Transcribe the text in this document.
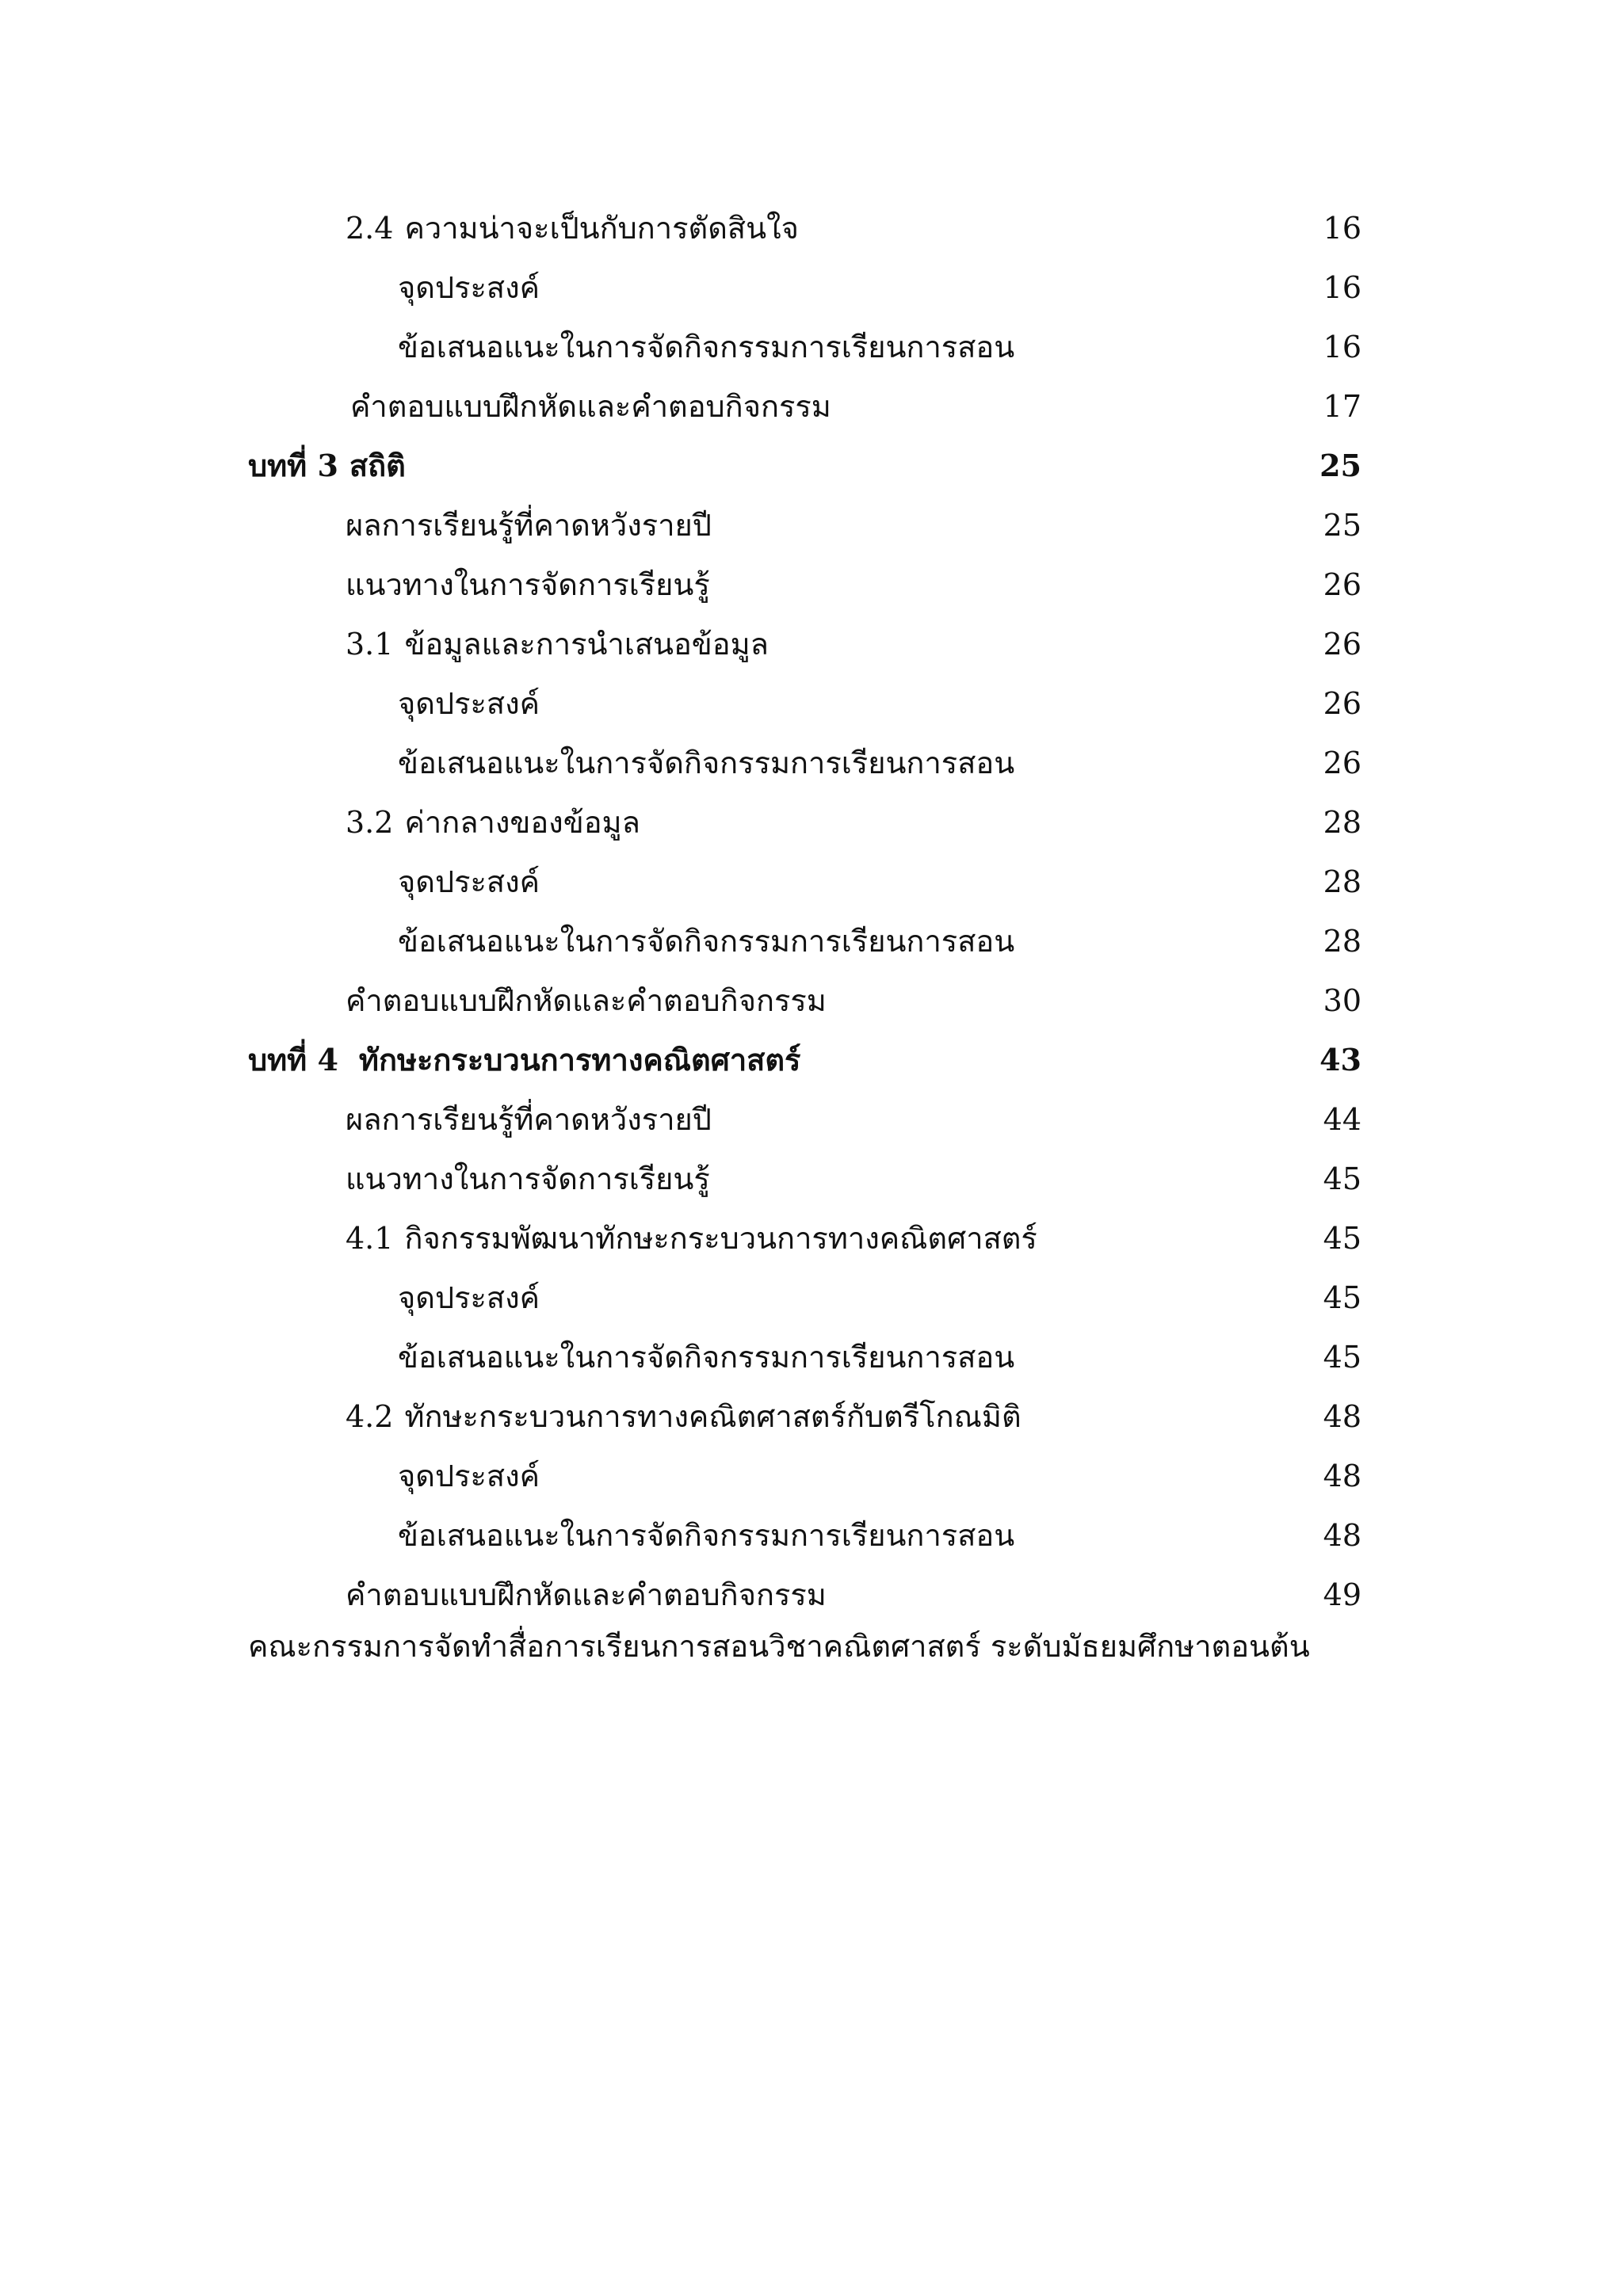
2.4 ความน่าจะเป็นกับการตัดสินใจ	16
จุดประสงค์	16
ข้อเสนอแนะในการจัดกิจกรรมการเรียนการสอน	16
คำตอบแบบฝึกหัดและคำตอบกิจกรรม	17
บทที่ 3 สถิติ	25
ผลการเรียนรู้ที่คาดหวังรายปี	25
แนวทางในการจัดการเรียนรู้	26
3.1 ข้อมูลและการนำเสนอข้อมูล	26
จุดประสงค์	26
ข้อเสนอแนะในการจัดกิจกรรมการเรียนการสอน	26
3.2 ค่ากลางของข้อมูล	28
จุดประสงค์	28
ข้อเสนอแนะในการจัดกิจกรรมการเรียนการสอน	28
คำตอบแบบฝึกหัดและคำตอบกิจกรรม	30
บทที่ 4 ทักษะกระบวนการทางคณิตศาสตร์	43
ผลการเรียนรู้ที่คาดหวังรายปี	44
แนวทางในการจัดการเรียนรู้	45
4.1 กิจกรรมพัฒนาทักษะกระบวนการทางคณิตศาสตร์	45
จุดประสงค์	45
ข้อเสนอแนะในการจัดกิจกรรมการเรียนการสอน	45
4.2 ทักษะกระบวนการทางคณิตศาสตร์กับตรีโกณมิติ	48
จุดประสงค์	48
ข้อเสนอแนะในการจัดกิจกรรมการเรียนการสอน	48
คำตอบแบบฝึกหัดและคำตอบกิจกรรม	49
คณะกรรมการจัดทำสื่อการเรียนการสอนวิชาคณิตศาสตร์ ระดับมัธยมศึกษาตอนต้น
